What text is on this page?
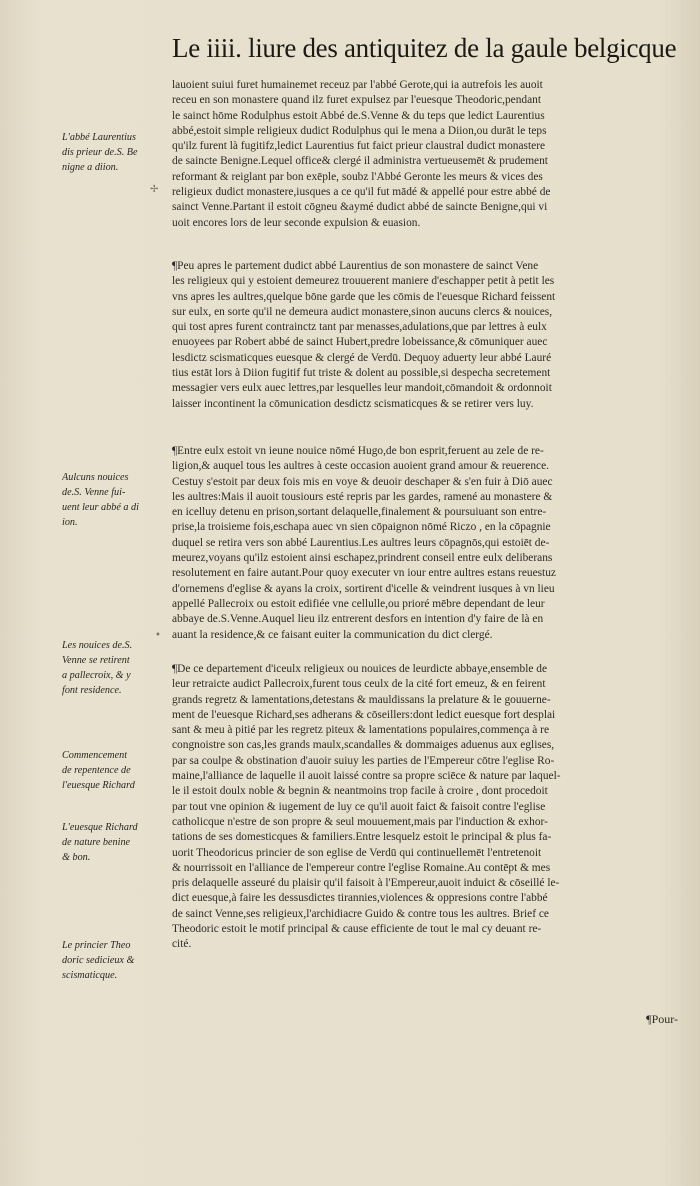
Le iiii. liure des antiquitez de la gaule belgicque
L'abbé Laurentius
dis prieur de.S. Be
nigne a diion.
Aulcuns nouices
de.S. Venne fui-
uent leur abbé a di
ion.
Les nouices de.S.
Venne se retirent
a pallecroix, & y
font residence.
Commencement
de repentence de
l'euesque Richard
L'euesque Richard
de nature benine
& bon.
Le princier Theo
doric sedicieux &
scismaticque.
lauoient suiui furet humainemet receuz par l'abbé Gerote,qui ia autrefois les auoit
receu en son monastere quand ilz furet expulsez par l'euesque Theodoric,pendant
le sainct hōme Rodulphus estoit Abbé de.S.Venne & du teps que ledict Laurentius
abbé,estoit simple religieux dudict Rodulphus qui le mena a Diion,ou durāt le teps
qu'ilz furent là fugitifz,ledict Laurentius fut faict prieur claustral dudict monastere
de saincte Benigne.Lequel office& clergé il administra vertueusemēt & prudement
reformant & reiglant par bon exēple, soubz l'Abbé Geronte les meurs & vices des
religieux dudict monastere,iusques a ce qu'il fut mādé & appellé pour estre abbé de
sainct Venne.Partant il estoit cōgneu &aymé dudict abbé de saincte Benigne,qui vi
uoit encores lors de leur seconde expulsion & euasion.
¶Peu apres le partement dudict abbé Laurentius de son monastere de sainct Vene
les religieux qui y estoient demeurez trouuerent maniere d'eschapper petit à petit les
vns apres les aultres,quelque bōne garde que les cōmis de l'euesque Richard feissent
sur eulx, en sorte qu'il ne demeura audict monastere,sinon aucuns clercs & nouices,
qui tost apres furent contrainctz tant par menasses,adulations,que par lettres à eulx
enuoyees par Robert abbé de sainct Hubert,predre lobeissance,& cōmuniquer auec
lesdictz scismaticques euesque & clergé de Verdū. Dequoy aduerty leur abbé Lauré
tius estāt lors à Diion fugitif fut triste & dolent au possible,si despecha secretement
messagier vers eulx auec lettres,par lesquelles leur mandoit,cōmandoit & ordonnoit
laisser incontinent la cōmunication desdictz scismaticques & se retirer vers luy.
¶Entre eulx estoit vn ieune nouice nōmé Hugo,de bon esprit,feruent au zele de re-
ligion,& auquel tous les aultres à ceste occasion auoient grand amour & reuerence.
Cestuy s'estoit par deux fois mis en voye & deuoir deschaper & s'en fuir à Diō auec
les aultres:Mais il auoit tousiours esté repris par les gardes, ramené au monastere &
en icelluy detenu en prison,sortant delaquelle,finalement & poursuiuant son entre-
prise,la troisieme fois,eschapa auec vn sien cōpaignon nōmé Riczo , en la cōpagnie
duquel se retira vers son abbé Laurentius.Les aultres leurs cōpagnōs,qui estoiēt de-
meurez,voyans qu'ilz estoient ainsi eschapez,prindrent conseil entre eulx deliberans
resolutement en faire autant.Pour quoy executer vn iour entre aultres estans reuestuz
d'ornemens d'eglise & ayans la croix, sortirent d'icelle & veindrent iusques à vn lieu
appellé Pallecroix ou estoit edifiée vne cellulle,ou prioré mēbre dependant de leur
abbaye de.S.Venne.Auquel lieu ilz entrerent desfors en intention d'y faire de là en
auant la residence,& ce faisant euiter la communication du dict clergé.
¶De ce departement d'iceulx religieux ou nouices de leurdicte abbaye,ensemble de
leur retraicte audict Pallecroix,furent tous ceulx de la cité fort emeuz, & en feirent
grands regretz & lamentations,detestans & mauldissans la prelature & le gouuerne-
ment de l'euesque Richard,ses adherans & cōseillers:dont ledict euesque fort desplai
sant & meu à pitié par les regretz piteux & lamentations populaires,commença à re
congnoistre son cas,les grands maulx,scandalles & dommaiges aduenus aux eglises,
par sa coulpe & obstination d'auoir suiuy les parties de l'Empereur cōtre l'eglise Ro-
maine,l'alliance de laquelle il auoit laissé contre sa propre sciēce & nature par laquel-
le il estoit doulx noble & begnin & neantmoins trop facile à croire , dont procedoit
par tout vne opinion & iugement de luy ce qu'il auoit faict & faisoit contre l'eglise
catholicque n'estre de son propre & seul mouuement,mais par l'induction & exhor-
tations de ses domesticques & familiers.Entre lesquelz estoit le principal & plus fa-
uorit Theodoricus princier de son eglise de Verdū qui continuellemēt l'entretenoit
& nourrissoit en l'alliance de l'empereur contre l'eglise Romaine.Au contēpt & mes
pris delaquelle asseuré du plaisir qu'il faisoit à l'Empereur,auoit induict & cōseillé le-
dict euesque,à faire les dessusdictes tirannies,violences & oppresions contre l'abbé
de sainct Venne,ses religieux,l'archidiacre Guido & contre tous les aultres. Brief ce
Theodoric estoit le motif principal & cause efficiente de tout le mal cy deuant re-
cité.
¶Pour-
✢
•
